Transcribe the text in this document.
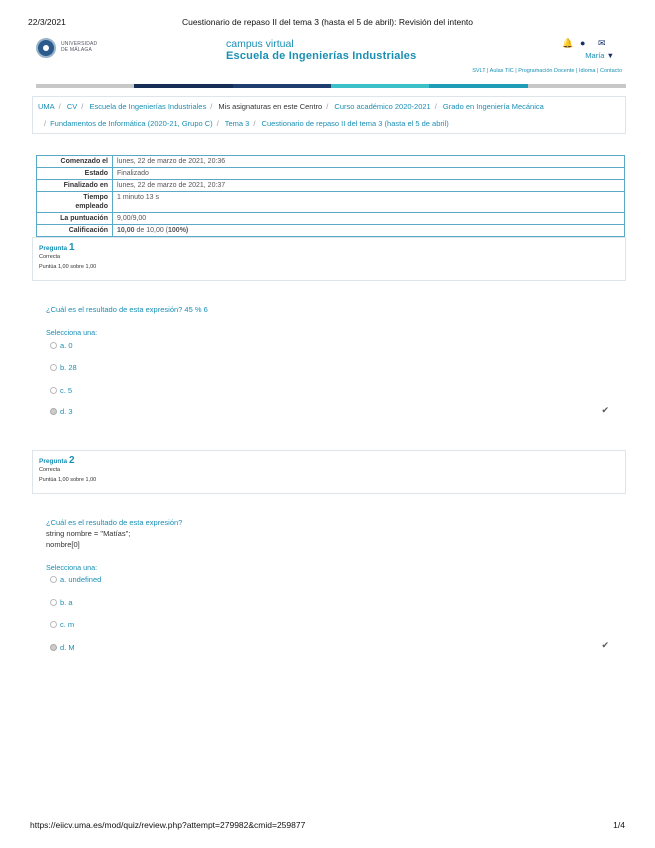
22/3/2021	Cuestionario de repaso II del tema 3 (hasta el 5 de abril): Revisión del intento
UNIVERSIDAD
DE MÁLAGA	campus virtual
Escuela de Ingenierías Industriales
🔔 ● ✉
María ▼
SVLT | Aulas TIC | Programación Docente | Idioma | Contacto
UMA / CV / Escuela de Ingenierías Industriales / Mis asignaturas en este Centro / Curso académico 2020-2021 / Grado en Ingeniería Mecánica
/ Fundamentos de Informática (2020-21, Grupo C) / Tema 3 / Cuestionario de repaso II del tema 3 (hasta el 5 de abril)
Comenzado el	lunes, 22 de marzo de 2021, 20:36
Estado	Finalizado
Finalizado en	lunes, 22 de marzo de 2021, 20:37
Tiempo empleado	1 minuto 13 s
La puntuación	9,00/9,00
Calificación	10,00 de 10,00 (100%)
Pregunta 1
Correcta
Puntúa 1,00 sobre 1,00
¿Cuál es el resultado de esta expresión? 45 % 6
Selecciona una:
a. 0
b. 28
c. 5
d. 3	✔
Pregunta 2
Correcta
Puntúa 1,00 sobre 1,00
¿Cuál es el resultado de esta expresión?
string nombre = "Matías";
nombre[0]
Selecciona una:
a. undefined
b. a
c. m
d. M	✔
https://eiicv.uma.es/mod/quiz/review.php?attempt=279982&cmid=259877	1/4
